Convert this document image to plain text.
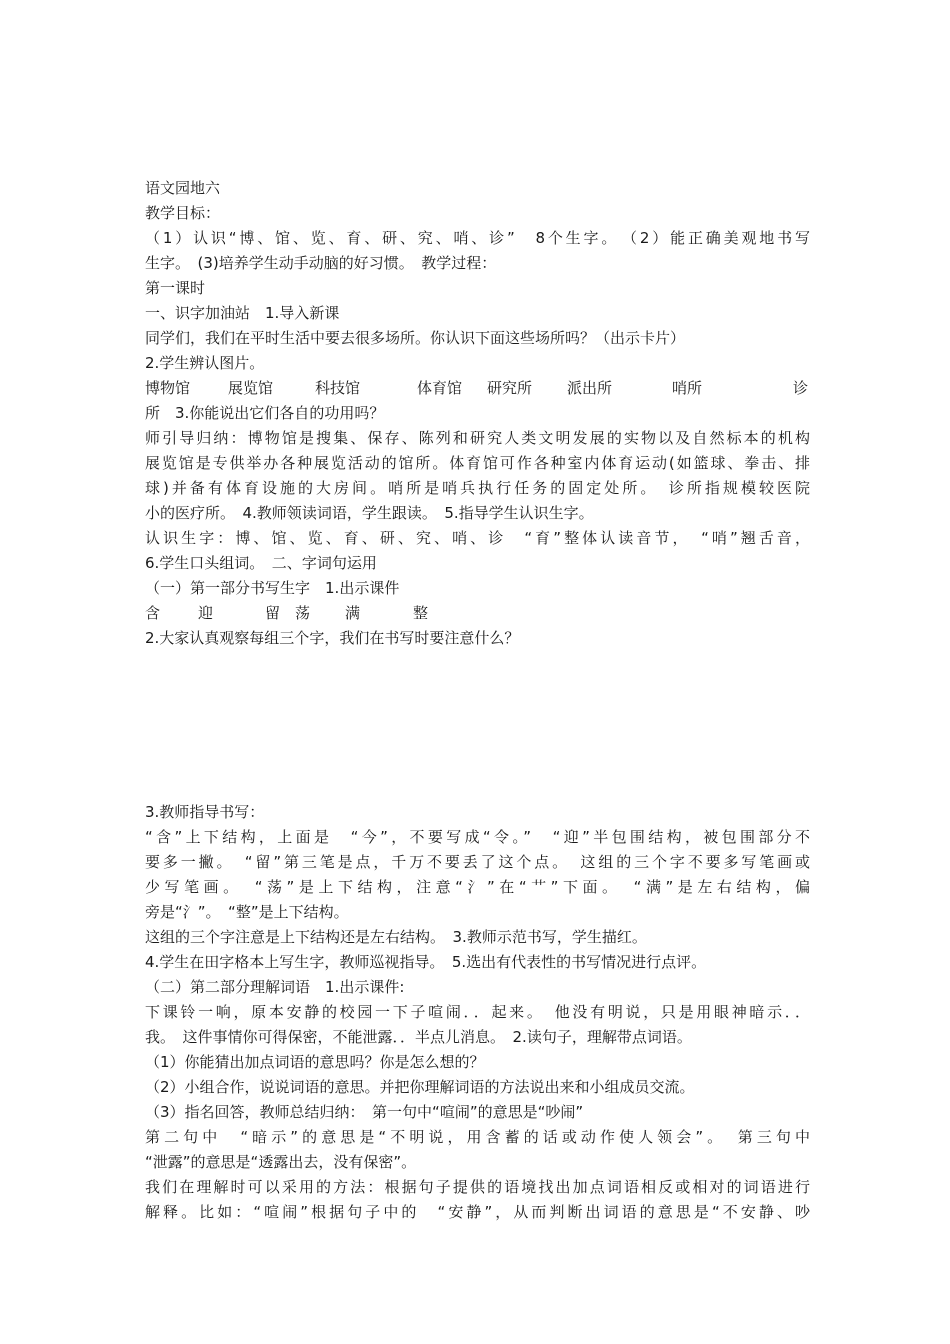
语文园地六
教学目标：
（1）认识“博、馆、览、育、研、究、哨、诊”　8个生字。　（2）能正确美观地书写
生字。　(3)培养学生动手动脑的好习惯。　教学过程：
第一课时
一、识字加油站　1.导入新课
同学们，我们在平时生活中要去很多场所。你认识下面这些场所吗？（出示卡片）
2.学生辨认图片。
博物馆	展览馆	科技馆	体育馆 研究所 派出所	哨所	诊
所　3.你能说出它们各自的功用吗？
师引导归纳：博物馆是搜集、保存、陈列和研究人类文明发展的实物以及自然标本的机构
展览馆是专供举办各种展览活动的馆所。体育馆可作各种室内体育运动(如篮球、拳击、排
球)并备有体育设施的大房间。哨所是哨兵执行任务的固定处所。　诊所指规模较医院
小的医疗所。　4.教师领读词语，学生跟读。　5.指导学生认识生字。
认识生字：博、馆、览、育、研、究、哨、诊　“育”整体认读音节，　“哨”翘舌音，
6.学生口头组词。　二、字词句运用
（一）第一部分书写生字　1.出示课件
含	迎	留 荡 满	整
2.大家认真观察每组三个字，我们在书写时要注意什么？
3.教师指导书写：
“含”上下结构，上面是　“今”，不要写成“令。”　“迎”半包围结构，被包围部分不
要多一撇。　“留”第三笔是点，千万不要丢了这个点。　这组的三个字不要多写笔画或
少写笔画。　“荡”是上下结构，注意“氵”在“艹”下面。　“满”是左右结构，偏
旁是“氵”。　“整”是上下结构。
这组的三个字注意是上下结构还是左右结构。　3.教师示范书写，学生描红。
4.学生在田字格本上写生字，教师巡视指导。　5.选出有代表性的书写情况进行点评。
（二）第二部分理解词语　1.出示课件:
下课铃一响，原本安静的校园一下子喧闹．．起来。　他没有明说，只是用眼神暗示．．
我。　这件事情你可得保密，不能泄露．．半点儿消息。　2.读句子，理解带点词语。
（1）你能猜出加点词语的意思吗？你是怎么想的？
（2）小组合作，说说词语的意思。并把你理解词语的方法说出来和小组成员交流。
（3）指名回答，教师总结归纳：　第一句中“喧闹”的意思是“吵闹”
第二句中　“暗示”的意思是“不明说，用含蓄的话或动作使人领会”。　第三句中
“泄露”的意思是“透露出去，没有保密”。
我们在理解时可以采用的方法：根据句子提供的语境找出加点词语相反或相对的词语进行
解释。比如：“喧闹”根据句子中的　“安静”，从而判断出词语的意思是“不安静、吵
